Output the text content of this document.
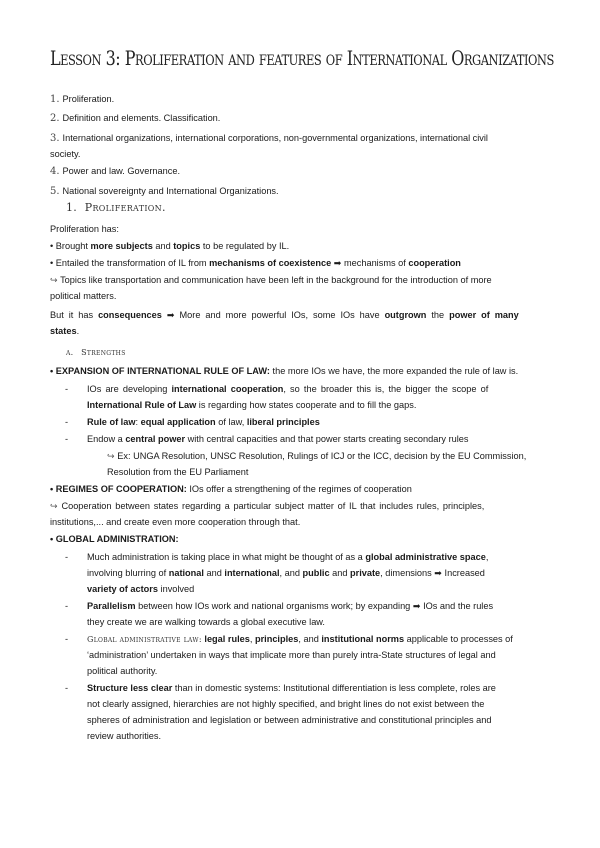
Lesson 3: Proliferation and features of International Organizations
1. Proliferation.
2. Definition and elements. Classification.
3. International organizations, international corporations, non-governmental organizations, international civil
society.
4. Power and law. Governance.
5. National sovereignty and International Organizations.
1. Proliferation.
Proliferation has:
• Brought more subjects and topics to be regulated by IL.
• Entailed the transformation of IL from mechanisms of coexistence ➡ mechanisms of cooperation
↪ Topics like transportation and communication have been left in the background for the introduction of more
political matters.
But it has consequences ➡ More and more powerful IOs, some IOs have outgrown the power of many
states.
a. Strengths
• EXPANSION OF INTERNATIONAL RULE OF LAW: the more IOs we have, the more expanded the rule of law is.
- IOs are developing international cooperation, so the broader this is, the bigger the scope of
International Rule of Law is regarding how states cooperate and to fill the gaps.
- Rule of law: equal application of law, liberal principles
- Endow a central power with central capacities and that power starts creating secondary rules
↪ Ex: UNGA Resolution, UNSC Resolution, Rulings of ICJ or the ICC, decision by the EU Commission,
Resolution from the EU Parliament
• REGIMES OF COOPERATION: IOs offer a strengthening of the regimes of cooperation
↪ Cooperation between states regarding a particular subject matter of IL that includes rules, principles,
institutions,... and create even more cooperation through that.
• GLOBAL ADMINISTRATION:
- Much administration is taking place in what might be thought of as a global administrative space,
involving blurring of national and international, and public and private, dimensions ➡ Increased
variety of actors involved
- Parallelism between how IOs work and national organisms work; by expanding ➡ IOs and the rules
they create we are walking towards a global executive law.
- Global administrative law: legal rules, principles, and institutional norms applicable to processes of
‘administration’ undertaken in ways that implicate more than purely intra-State structures of legal and
political authority.
- Structure less clear than in domestic systems: Institutional differentiation is less complete, roles are
not clearly assigned, hierarchies are not highly specified, and bright lines do not exist between the
spheres of administration and legislation or between administrative and constitutional principles and
review authorities.
